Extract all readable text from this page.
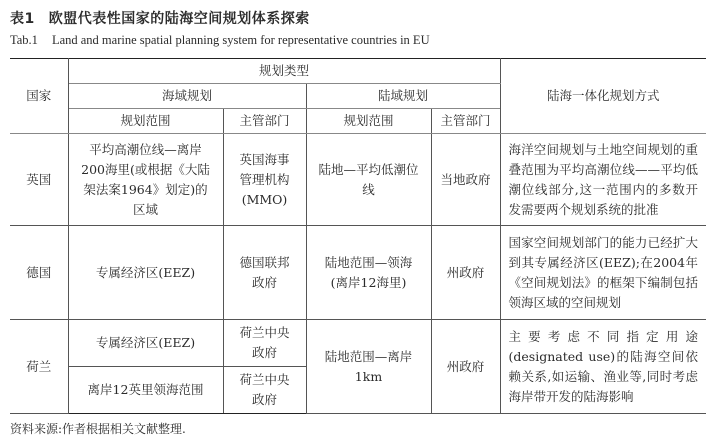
表1 欧盟代表性国家的陆海空间规划体系探索
Tab.1 Land and marine spatial planning system for representative countries in EU
国家	规划类型				陆海一体化规划方式
	海域规划		陆域规划		
	规划范围	主管部门	规划范围	主管部门	
英国	平均高潮位线—离岸200海里(或根据《大陆架法案1964》划定)的区域	英国海事管理机构(MMO)	陆地—平均低潮位线	当地政府	海洋空间规划与土地空间规划的重叠范围为平均高潮位线——平均低潮位线部分,这一范围内的多数开发需要两个规划系统的批准
德国	专属经济区(EEZ)	德国联邦政府	陆地范围—领海(离岸12海里)	州政府	国家空间规划部门的能力已经扩大到其专属经济区(EEZ);在2004年《空间规划法》的框架下编制包括领海区域的空间规划
荷兰	专属经济区(EEZ)	荷兰中央政府	陆地范围—离岸1km	州政府	主要考虑不同指定用途(designated use)的陆海空间依赖关系,如运输、渔业等,同时考虑海岸带开发的陆海影响
	离岸12英里领海范围	荷兰中央政府			
资料来源:作者根据相关文献整理.
